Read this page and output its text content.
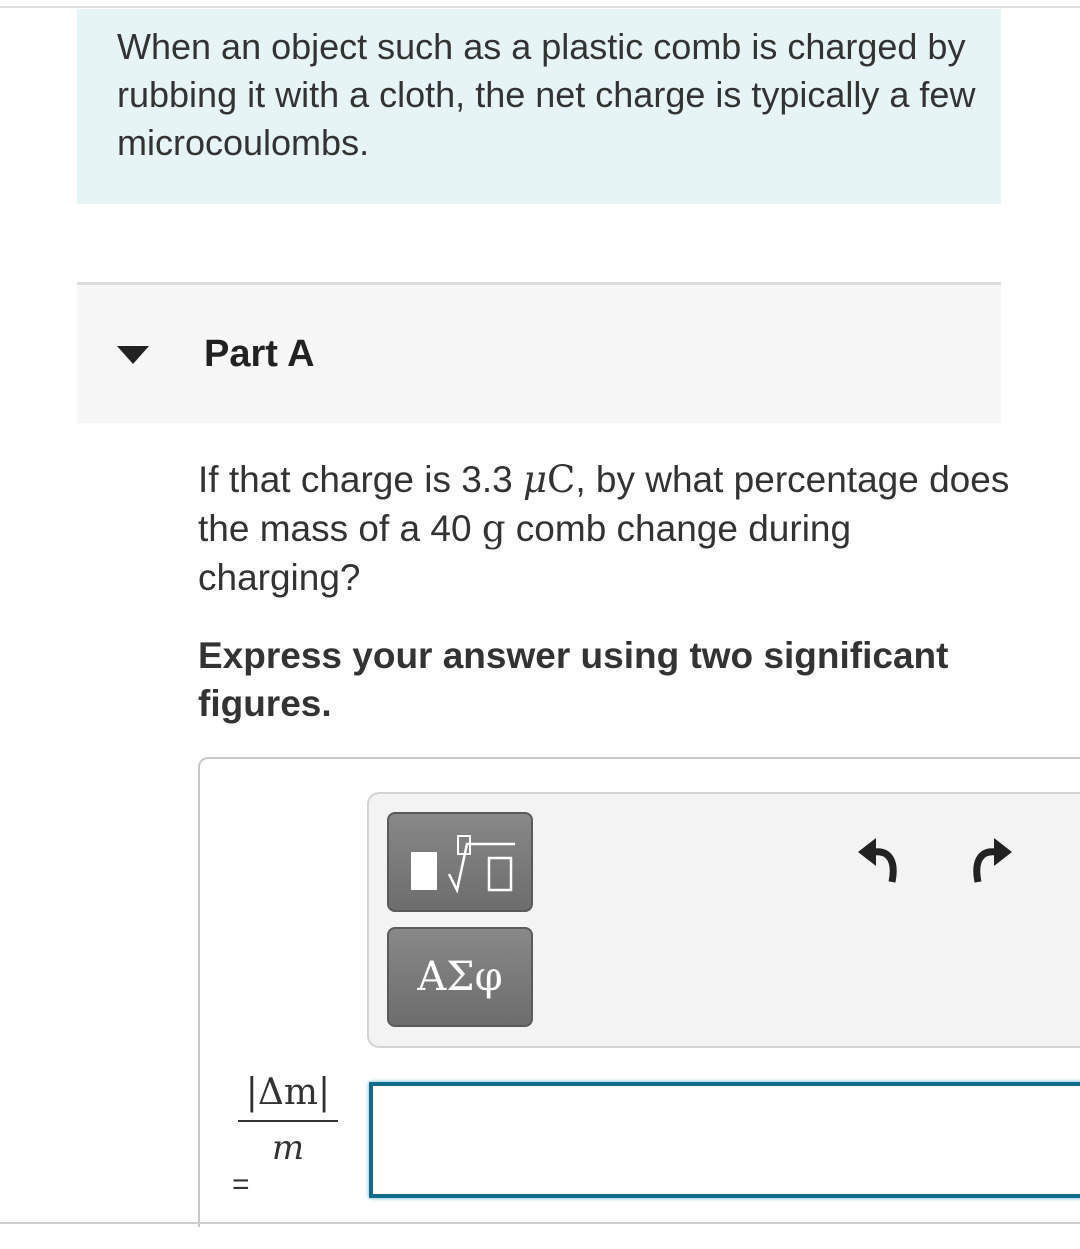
When an object such as a plastic comb is charged by rubbing it with a cloth, the net charge is typically a few microcoulombs.
Part A
If that charge is 3.3 μC, by what percentage does the mass of a 40 g comb change during charging?
Express your answer using two significant figures.
ΑΣφ
|Δm|
m
=
